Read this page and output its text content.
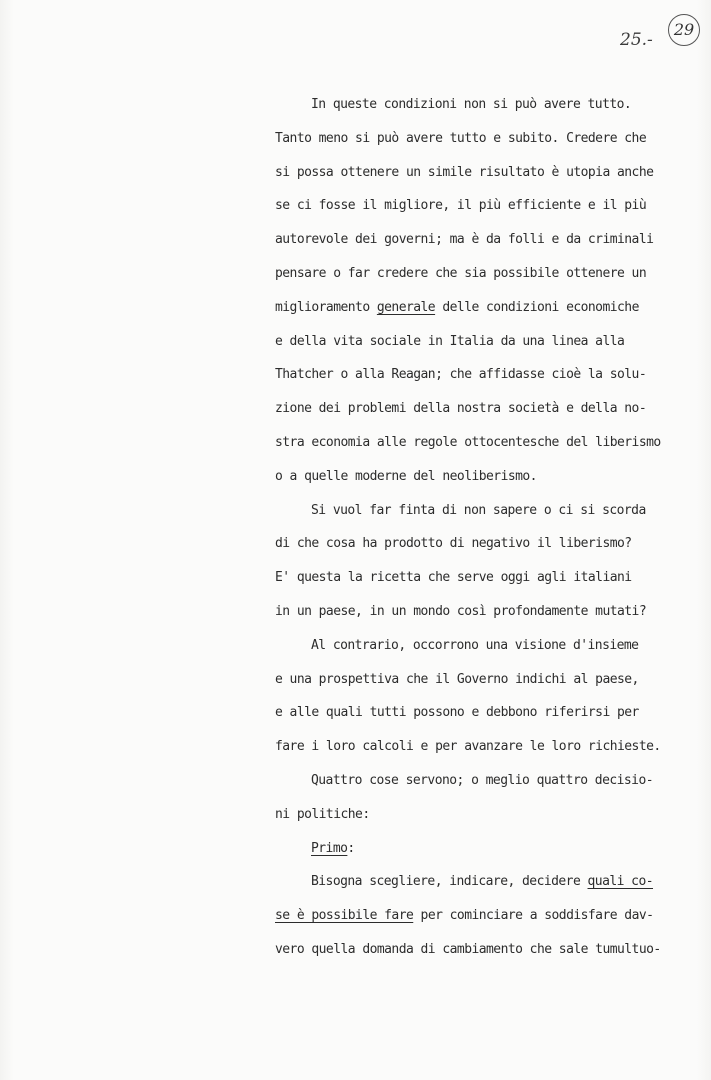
25.-
29
In queste condizioni non si può avere tutto.
Tanto meno si può avere tutto e subito. Credere che
si possa ottenere un simile risultato è utopia anche
se ci fosse il migliore, il più efficiente e il più
autorevole dei governi; ma è da folli e da criminali
pensare o far credere che sia possibile ottenere un
miglioramento generale delle condizioni economiche
e della vita sociale in Italia da una linea alla
Thatcher o alla Reagan; che affidasse cioè la solu-
zione dei problemi della nostra società e della no-
stra economia alle regole ottocentesche del liberismo
o a quelle moderne del neoliberismo.
Si vuol far finta di non sapere o ci si scorda
di che cosa ha prodotto di negativo il liberismo?
E' questa la ricetta che serve oggi agli italiani
in un paese, in un mondo così profondamente mutati?
Al contrario, occorrono una visione d'insieme
e una prospettiva che il Governo indichi al paese,
e alle quali tutti possono e debbono riferirsi per
fare i loro calcoli e per avanzare le loro richieste.
Quattro cose servono; o meglio quattro decisio-
ni politiche:
Primo:
Bisogna scegliere, indicare, decidere quali co-
se è possibile fare per cominciare a soddisfare dav-
vero quella domanda di cambiamento che sale tumultuo-
